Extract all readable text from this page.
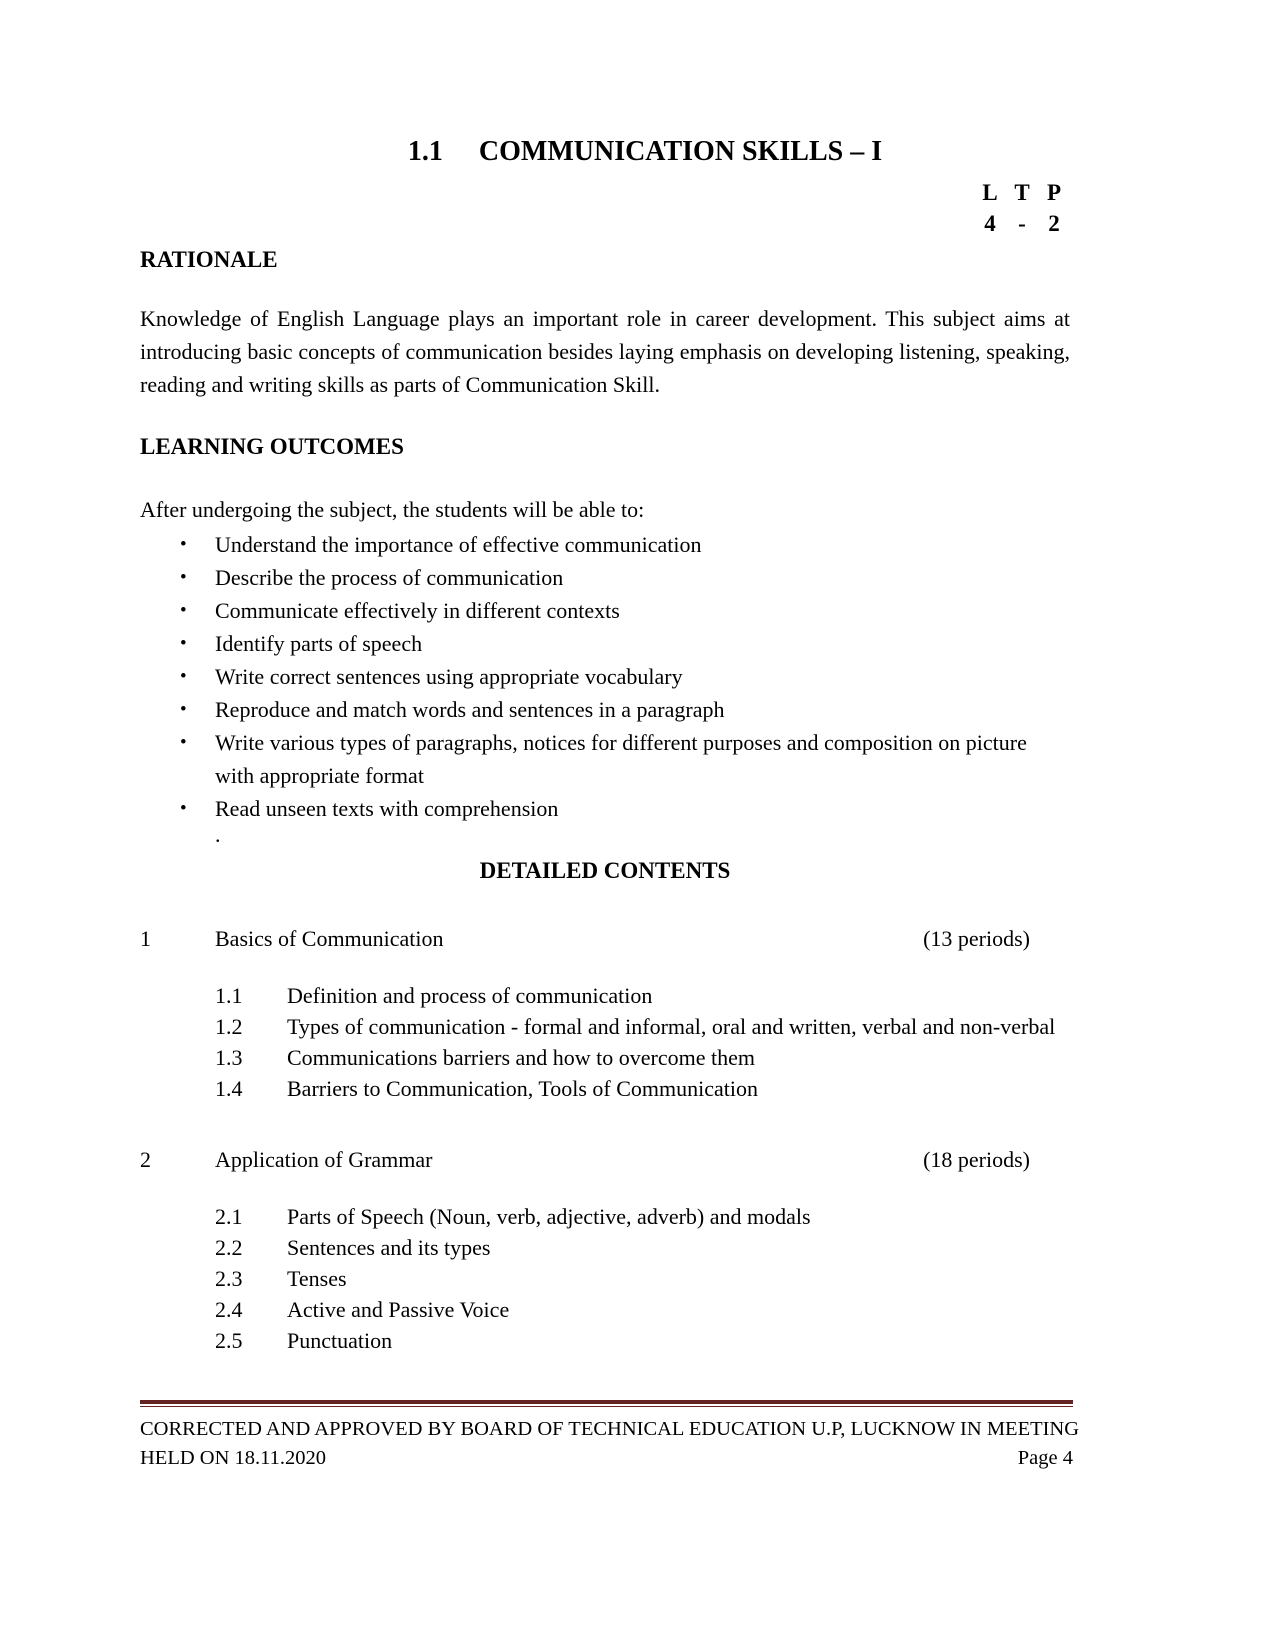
1.1 COMMUNICATION SKILLS – I
L T P
4 - 2
RATIONALE
Knowledge of English Language plays an important role in career development. This subject aims at introducing basic concepts of communication besides laying emphasis on developing listening, speaking, reading and writing skills as parts of Communication Skill.
LEARNING OUTCOMES
After undergoing the subject, the students will be able to:
•	Understand the importance of effective communication
•	Describe the process of communication
•	Communicate effectively in different contexts
•	Identify parts of speech
•	Write correct sentences using appropriate vocabulary
•	Reproduce and match words and sentences in a paragraph
•	Write various types of paragraphs, notices for different purposes and composition on picture with appropriate format
•	Read unseen texts with comprehension
.
DETAILED CONTENTS
1	Basics of Communication	(13 periods)
1.1	Definition and process of communication
1.2	Types of communication - formal and informal, oral and written, verbal and non-verbal
1.3	Communications barriers and how to overcome them
1.4	Barriers to Communication, Tools of Communication
2	Application of Grammar	(18 periods)
2.1	Parts of Speech (Noun, verb, adjective, adverb) and modals
2.2	Sentences and its types
2.3	Tenses
2.4	Active and Passive Voice
2.5	Punctuation
CORRECTED AND APPROVED BY BOARD OF TECHNICAL EDUCATION U.P, LUCKNOW IN MEETING
HELD ON 18.11.2020	Page 4
